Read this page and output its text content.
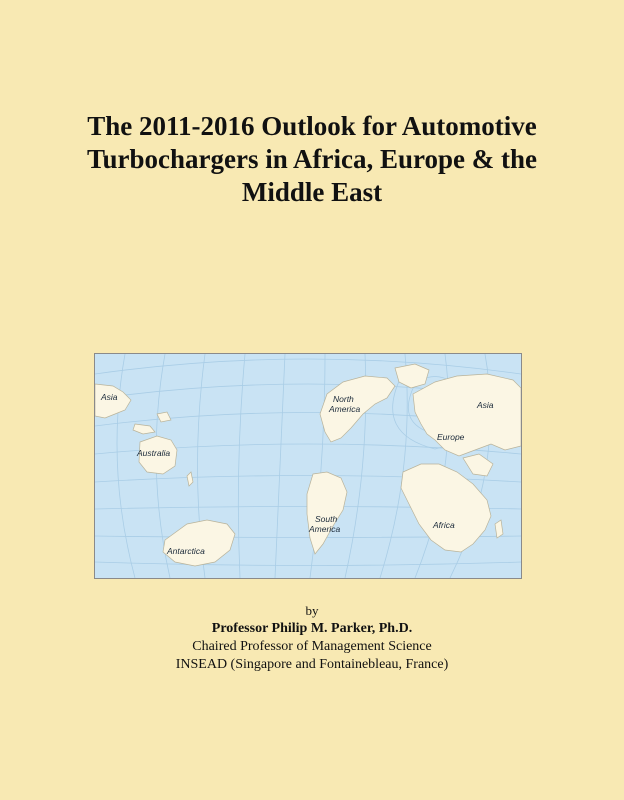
The 2011-2016 Outlook for Automotive
Turbochargers in Africa, Europe & the
Middle East
Asia
Australia
North
America	Asia
Europe
South
America	Africa
Antarctica
by
Professor Philip M. Parker, Ph.D.
Chaired Professor of Management Science
INSEAD (Singapore and Fontainebleau, France)
